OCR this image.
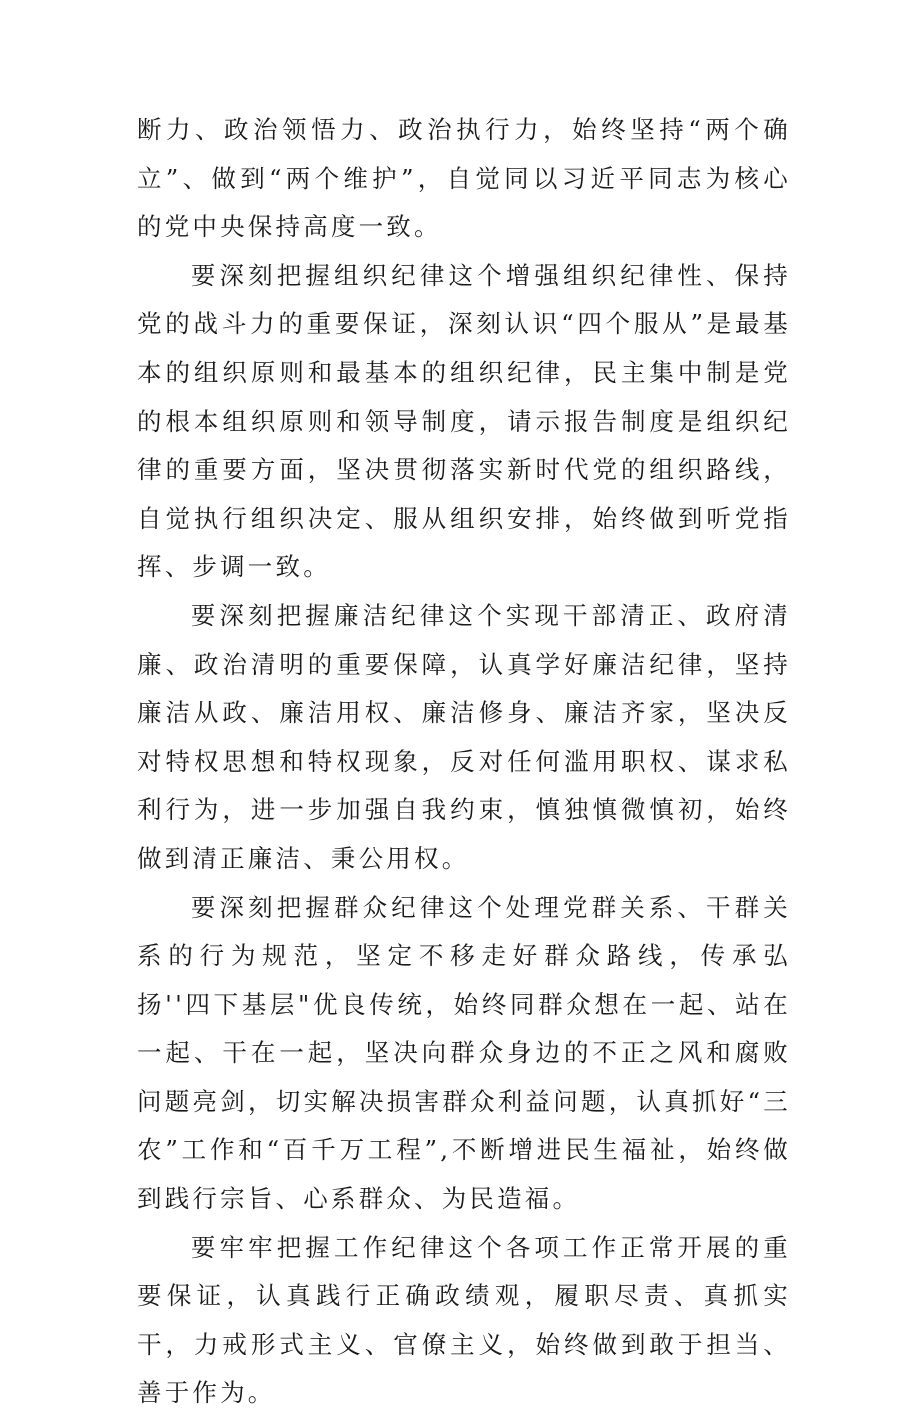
断力、政治领悟力、政治执行力，始终坚持“两个确立”、做到“两个维护”，自觉同以习近平同志为核心的党中央保持高度一致。

要深刻把握组织纪律这个增强组织纪律性、保持党的战斗力的重要保证，深刻认识“四个服从”是最基本的组织原则和最基本的组织纪律，民主集中制是党的根本组织原则和领导制度，请示报告制度是组织纪律的重要方面，坚决贯彻落实新时代党的组织路线，自觉执行组织决定、服从组织安排，始终做到听党指挥、步调一致。

要深刻把握廉洁纪律这个实现干部清正、政府清廉、政治清明的重要保障，认真学好廉洁纪律，坚持廉洁从政、廉洁用权、廉洁修身、廉洁齐家，坚决反对特权思想和特权现象，反对任何滥用职权、谋求私利行为，进一步加强自我约束，慎独慎微慎初，始终做到清正廉洁、秉公用权。

要深刻把握群众纪律这个处理党群关系、干群关系的行为规范，坚定不移走好群众路线，传承弘扬''四下基层"优良传统，始终同群众想在一起、站在一起、干在一起，坚决向群众身边的不正之风和腐败问题亮剑，切实解决损害群众利益问题，认真抓好“三农”工作和“百千万工程”,不断增进民生福祉，始终做到践行宗旨、心系群众、为民造福。

要牢牢把握工作纪律这个各项工作正常开展的重要保证，认真践行正确政绩观，履职尽责、真抓实干，力戒形式主义、官僚主义，始终做到敢于担当、善于作为。
